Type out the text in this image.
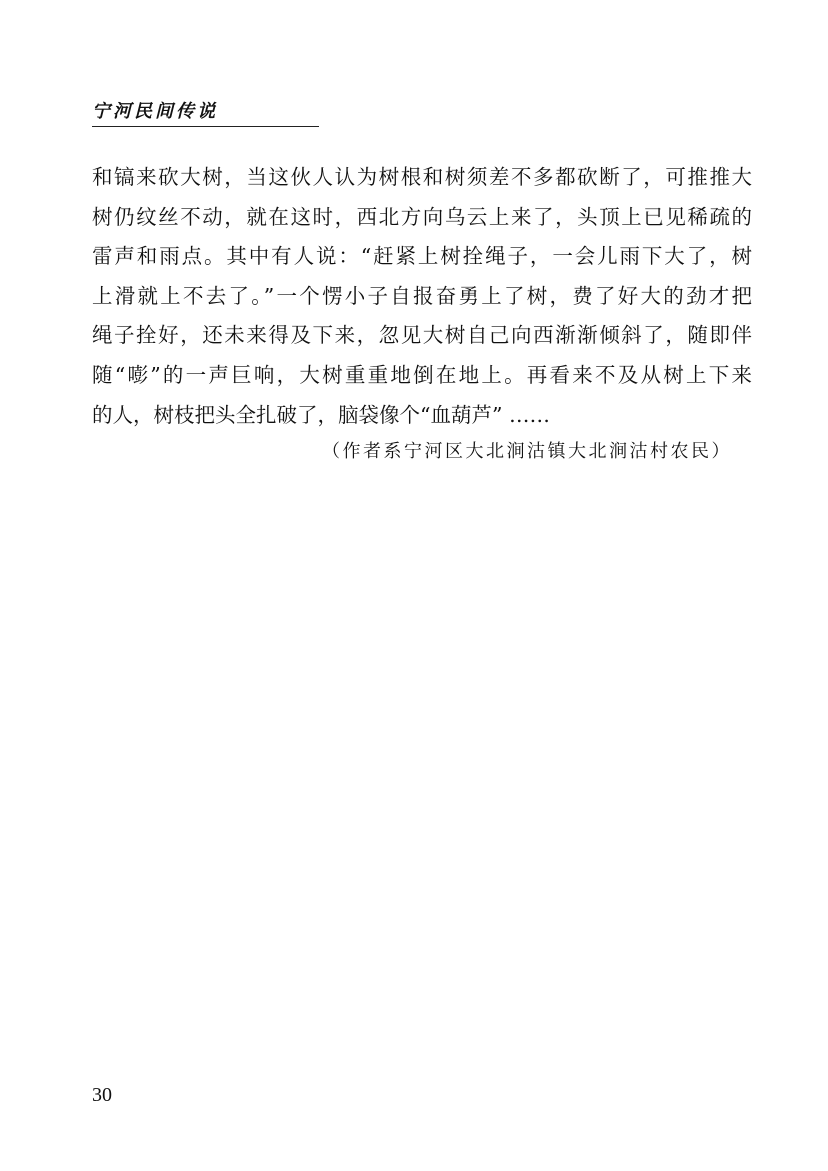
宁河民间传说
和镐来砍大树，当这伙人认为树根和树须差不多都砍断了，可推推大
树仍纹丝不动，就在这时，西北方向乌云上来了，头顶上已见稀疏的
雷声和雨点。其中有人说：“赶紧上树拴绳子，一会儿雨下大了，树
上滑就上不去了。”一个愣小子自报奋勇上了树，费了好大的劲才把
绳子拴好，还未来得及下来，忽见大树自己向西渐渐倾斜了，随即伴
随“嘭”的一声巨响，大树重重地倒在地上。再看来不及从树上下来
的人，树枝把头全扎破了，脑袋像个“血葫芦” ……
（作者系宁河区大北涧沽镇大北涧沽村农民）
30
